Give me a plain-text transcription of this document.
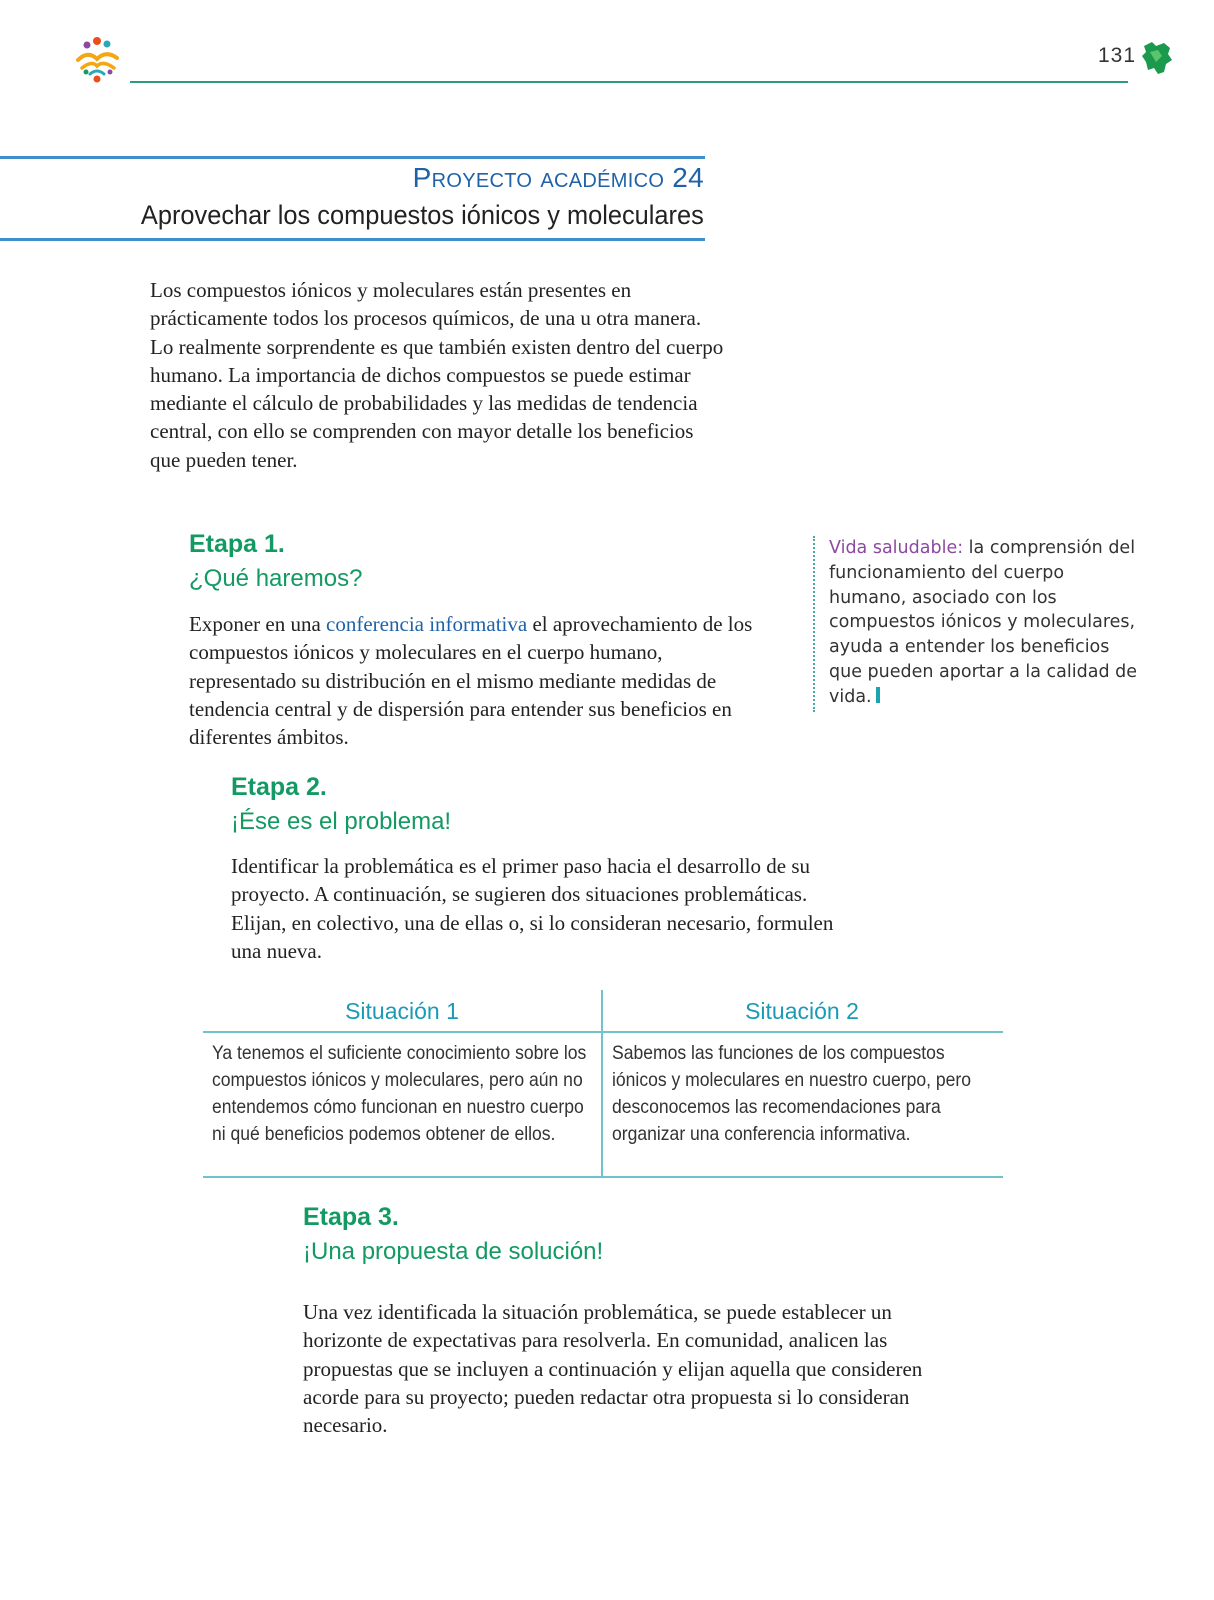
131
Proyecto académico 24
Aprovechar los compuestos iónicos y moleculares
Los compuestos iónicos y moleculares están presentes en prácticamente todos los procesos químicos, de una u otra manera. Lo realmente sorprendente es que también existen dentro del cuerpo humano. La importancia de dichos compuestos se puede estimar mediante el cálculo de probabilidades y las medidas de tendencia central, con ello se comprenden con mayor detalle los beneficios que pueden tener.
Etapa 1.
¿Qué haremos?
Exponer en una conferencia informativa el aprovechamiento de los compuestos iónicos y moleculares en el cuerpo humano, representado su distribución en el mismo mediante medidas de tendencia central y de dispersión para entender sus beneficios en diferentes ámbitos.
Vida saludable: la comprensión del funcionamiento del cuerpo humano, asociado con los compuestos iónicos y moleculares, ayuda a entender los beneficios que pueden aportar a la calidad de vida.
Etapa 2.
¡Ése es el problema!
Identificar la problemática es el primer paso hacia el desarrollo de su proyecto. A continuación, se sugieren dos situaciones problemáticas. Elijan, en colectivo, una de ellas o, si lo consideran necesario, formulen una nueva.
Situación 1	Situación 2
Ya tenemos el suficiente conocimiento sobre los compuestos iónicos y moleculares, pero aún no entendemos cómo funcionan en nuestro cuerpo ni qué beneficios podemos obtener de ellos.
Sabemos las funciones de los compuestos iónicos y moleculares en nuestro cuerpo, pero desconocemos las recomendaciones para organizar una conferencia informativa.
Etapa 3.
¡Una propuesta de solución!
Una vez identificada la situación problemática, se puede establecer un horizonte de expectativas para resolverla. En comunidad, analicen las propuestas que se incluyen a continuación y elijan aquella que consideren acorde para su proyecto; pueden redactar otra propuesta si lo consideran necesario.
